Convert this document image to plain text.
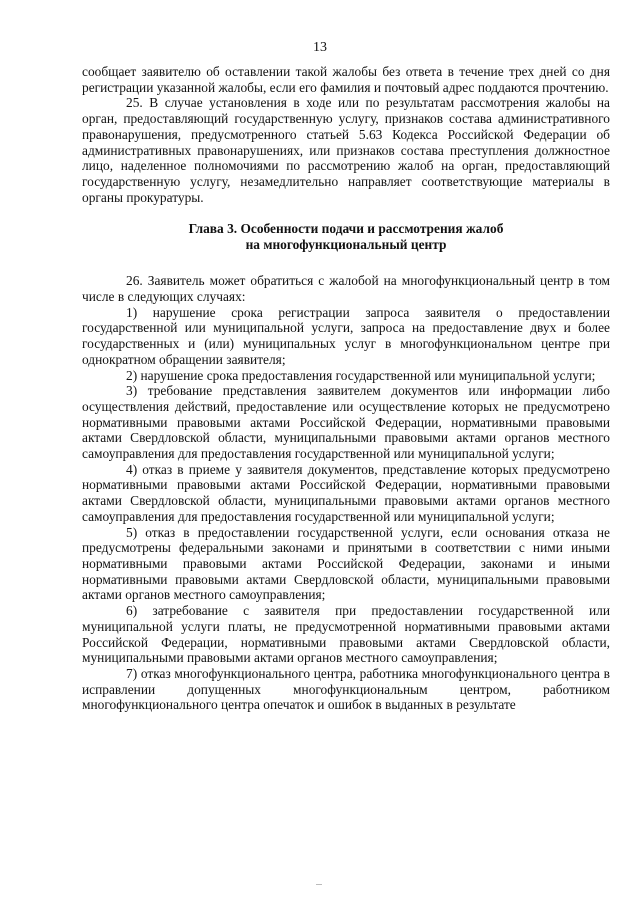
13

сообщает заявителю об оставлении такой жалобы без ответа в течение трех дней со дня регистрации указанной жалобы, если его фамилия и почтовый адрес поддаются прочтению.

25. В случае установления в ходе или по результатам рассмотрения жалобы на орган, предоставляющий государственную услугу, признаков состава административного правонарушения, предусмотренного статьей 5.63 Кодекса Российской Федерации об административных правонарушениях, или признаков состава преступления должностное лицо, наделенное полномочиями по рассмотрению жалоб на орган, предоставляющий государственную услугу, незамедлительно направляет соответствующие материалы в органы прокуратуры.

Глава 3. Особенности подачи и рассмотрения жалоб
на многофункциональный центр

26. Заявитель может обратиться с жалобой на многофункциональный центр в том числе в следующих случаях:

1) нарушение срока регистрации запроса заявителя о предоставлении государственной или муниципальной услуги, запроса на предоставление двух и более государственных и (или) муниципальных услуг в многофункциональном центре при однократном обращении заявителя;

2) нарушение срока предоставления государственной или муниципальной услуги;

3) требование представления заявителем документов или информации либо осуществления действий, предоставление или осуществление которых не предусмотрено нормативными правовыми актами Российской Федерации, нормативными правовыми актами Свердловской области, муниципальными правовыми актами органов местного самоуправления для предоставления государственной или муниципальной услуги;

4) отказ в приеме у заявителя документов, представление которых предусмотрено нормативными правовыми актами Российской Федерации, нормативными правовыми актами Свердловской области, муниципальными правовыми актами органов местного самоуправления для предоставления государственной или муниципальной услуги;

5) отказ в предоставлении государственной услуги, если основания отказа не предусмотрены федеральными законами и принятыми в соответствии с ними иными нормативными правовыми актами Российской Федерации, законами и иными нормативными правовыми актами Свердловской области, муниципальными правовыми актами органов местного самоуправления;

6) затребование с заявителя при предоставлении государственной или муниципальной услуги платы, не предусмотренной нормативными правовыми актами Российской Федерации, нормативными правовыми актами Свердловской области, муниципальными правовыми актами органов местного самоуправления;

7) отказ многофункционального центра, работника многофункционального центра в исправлении допущенных многофункциональным центром, работником многофункционального центра опечаток и ошибок в выданных в результате
